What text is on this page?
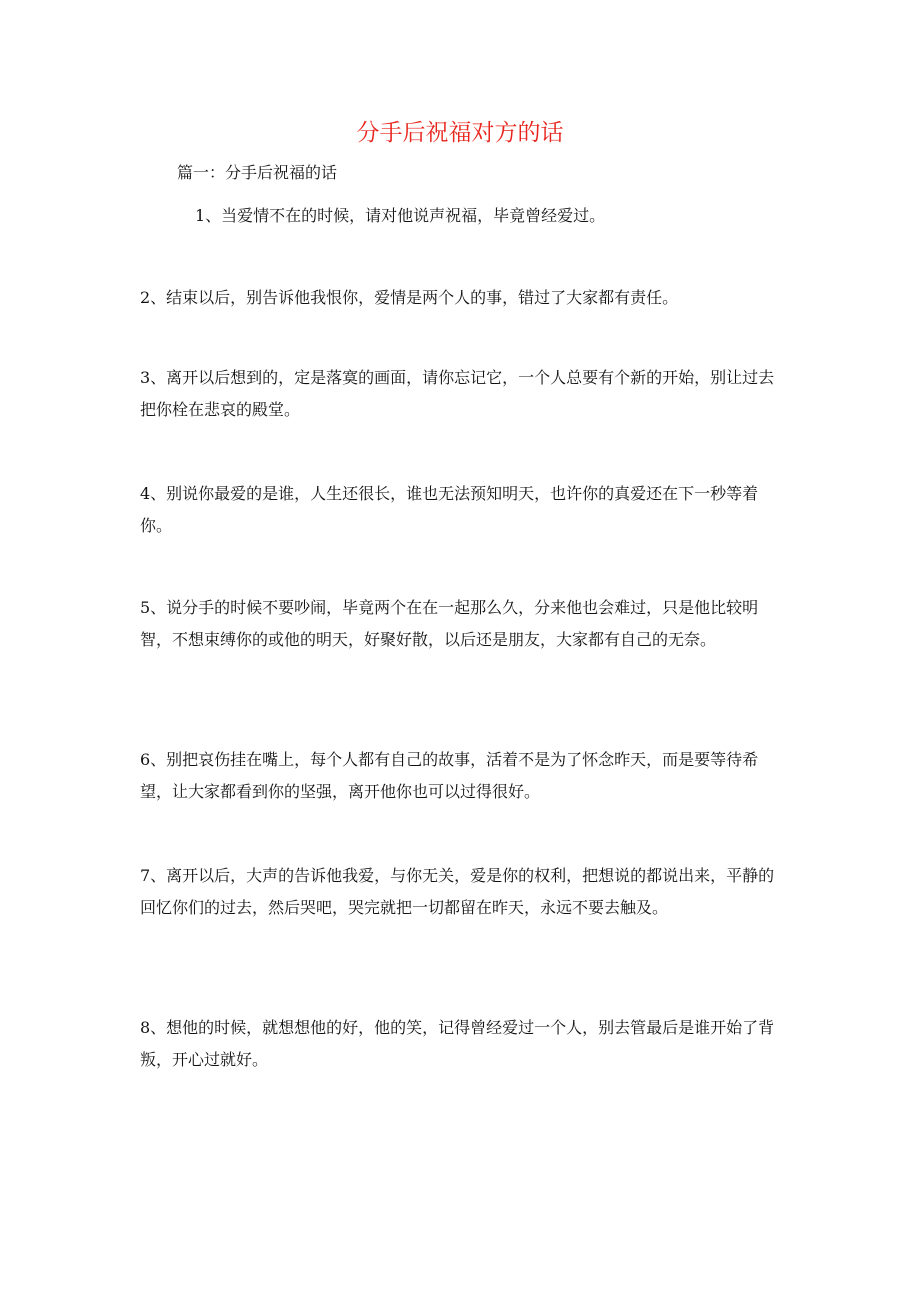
分手后祝福对方的话

篇一：分手后祝福的话

1、当爱情不在的时候，请对他说声祝福，毕竟曾经爱过。

2、结束以后，别告诉他我恨你，爱情是两个人的事，错过了大家都有责任。

3、离开以后想到的，定是落寞的画面，请你忘记它，一个人总要有个新的开始，别让过去把你栓在悲哀的殿堂。

4、别说你最爱的是谁，人生还很长，谁也无法预知明天，也许你的真爱还在下一秒等着你。

5、说分手的时候不要吵闹，毕竟两个在在一起那么久，分来他也会难过，只是他比较明智，不想束缚你的或他的明天，好聚好散，以后还是朋友，大家都有自己的无奈。

6、别把哀伤挂在嘴上，每个人都有自己的故事，活着不是为了怀念昨天，而是要等待希望，让大家都看到你的坚强，离开他你也可以过得很好。

7、离开以后，大声的告诉他我爱，与你无关，爱是你的权利，把想说的都说出来，平静的回忆你们的过去，然后哭吧，哭完就把一切都留在昨天，永远不要去触及。

8、想他的时候，就想想他的好，他的笑，记得曾经爱过一个人，别去管最后是谁开始了背叛，开心过就好。
